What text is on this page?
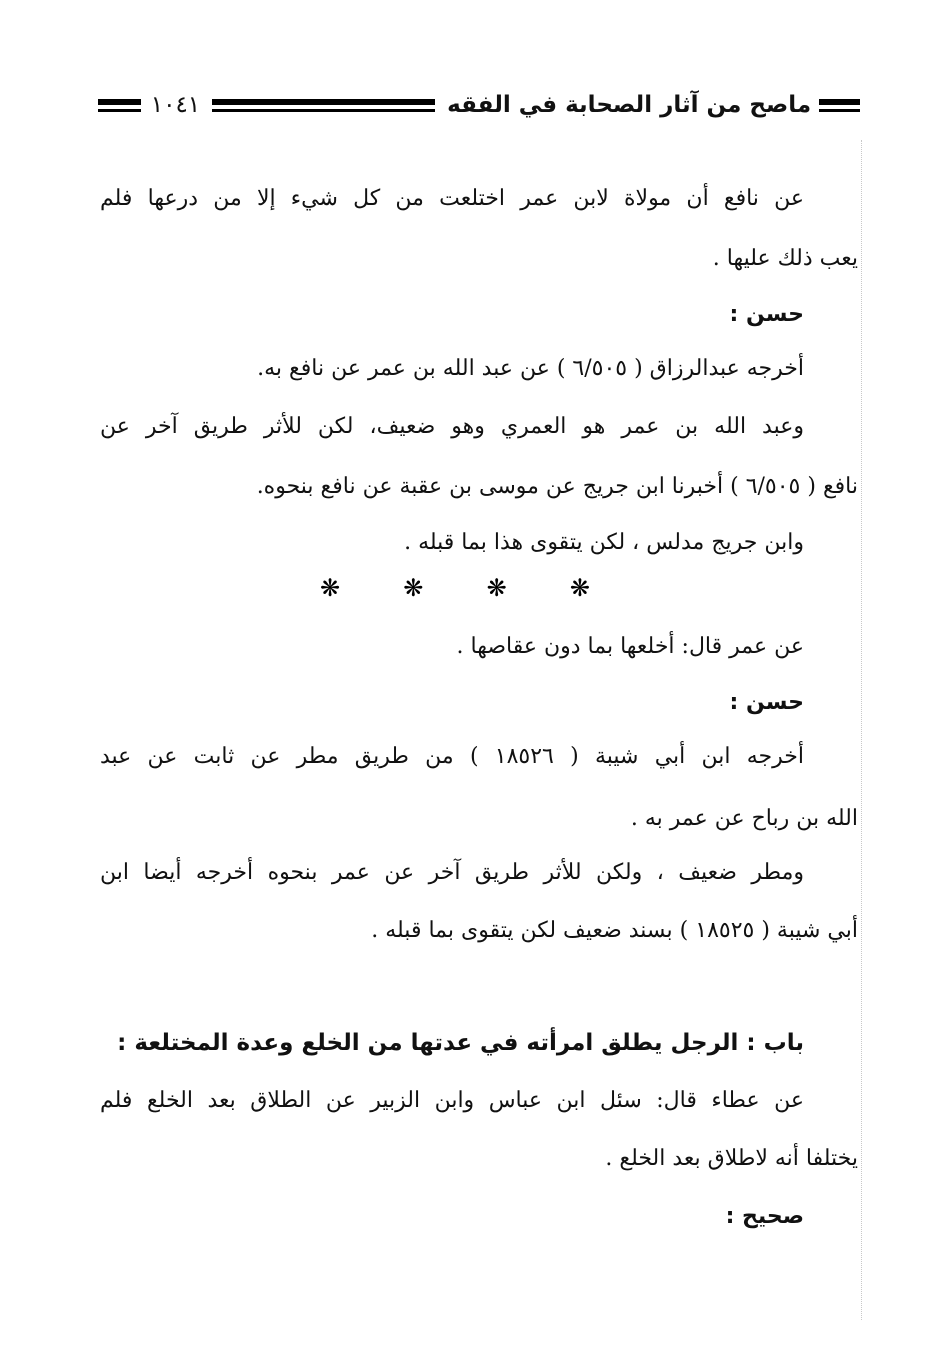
ماصح من آثار الصحابة في الفقه
١٠٤١
عن نافع أن مولاة لابن عمر اختلعت من كل شيء إلا من درعها فلم
يعب ذلك عليها .
حسن :
أخرجه عبدالرزاق ( ٦/٥٠٥ ) عن عبد الله بن عمر عن نافع به.
وعبد الله بن عمر هو العمري وهو ضعيف، لكن للأثر طريق آخر عن
نافع ( ٦/٥٠٥ ) أخبرنا ابن جريج عن موسى بن عقبة عن نافع بنحوه.
وابن جريج مدلس ، لكن يتقوى هذا بما قبله .
❋	❋	❋	❋
عن عمر قال: أخلعها بما دون عقاصها .
حسن :
أخرجه ابن أبي شيبة ( ١٨٥٢٦ ) من طريق مطر عن ثابت عن عبد
الله بن رباح عن عمر به .
ومطر ضعيف ، ولكن للأثر طريق آخر عن عمر بنحوه أخرجه أيضا ابن
أبي شيبة ( ١٨٥٢٥ ) بسند ضعيف لكن يتقوى بما قبله .
باب : الرجل يطلق امرأته في عدتها من الخلع وعدة المختلعة :
عن عطاء قال: سئل ابن عباس وابن الزبير عن الطلاق بعد الخلع فلم
يختلفا أنه لاطلاق بعد الخلع .
صحيح :
